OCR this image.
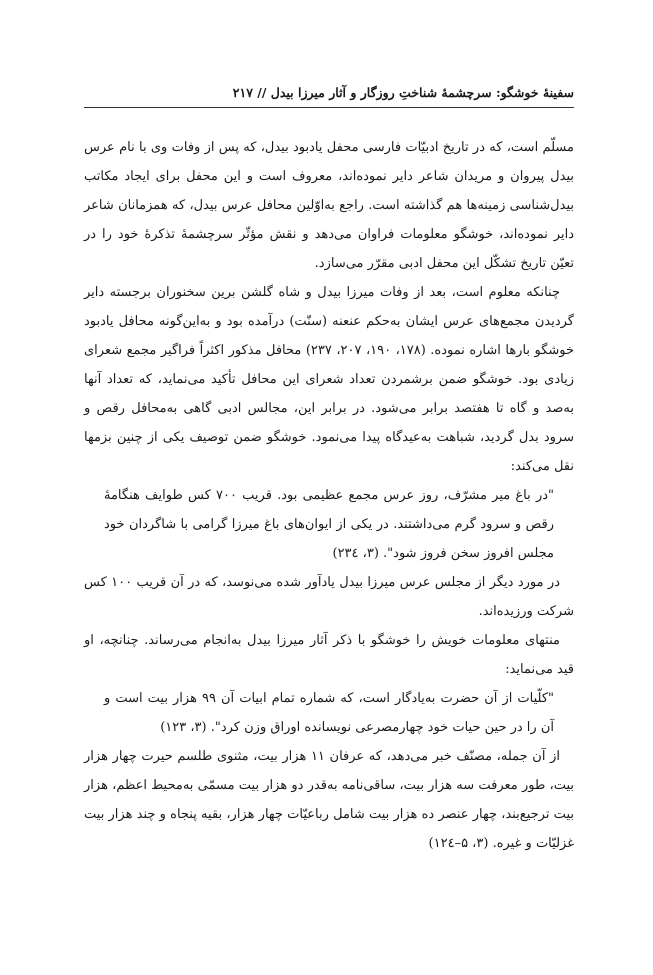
سفینهٔ خوشگو: سرچشمهٔ شناختِ روزگار و آثار میرزا بیدل // ۲۱۷

مسلّم است، که در تاریخ ادبیّات فارسی محفل یادبود بیدل، که پس از وفات وی با نام عرس بیدل پیروان و مریدان شاعر دایر نموده‌اند، معروف است و این محفل برای ایجاد مکاتب بیدل‌شناسی زمینه‌ها هم گذاشته است. راجع به‌اوّلین محافل عرس بیدل، که همزمانان شاعر دایر نموده‌اند، خوشگو معلومات فراوان می‌دهد و نقش مؤثّر سرچشمهٔ تذکرهٔ خود را در تعیّن تاریخ تشکّل این محفل ادبی مقرّر می‌سازد.

چنانکه معلوم است، بعد از وفات میرزا بیدل و شاه گلشن برین سخنوران برجسته دایر گردیدن مجمع‌های عرس ایشان به‌حکم عنعنه (سنّت) درآمده بود و به‌این‌گونه محافل یادبود خوشگو بارها اشاره نموده. (۱۷۸، ۱۹۰، ۲۰۷، ۲۳۷) محافل مذکور اکثراً فراگیر مجمع شعرای زیادی بود. خوشگو ضمن برشمردن تعداد شعرای این محافل تأکید می‌نماید، که تعداد آنها به‌صد و گاه تا هفتصد برابر می‌شود. در برابر این، مجالس ادبی گاهی به‌محافل رقص و سرود بدل گردید، شباهت به‌عیدگاه پیدا می‌نمود. خوشگو ضمن توصیف یکی از چنین بزمها نقل می‌کند:

"در باغ میر مشرّف، روز عرس مجمع عظیمی بود. قریب ۷۰۰ کس طوایف هنگامهٔ رقص و سرود گرم می‌داشتند. در یکی از ایوان‌های باغ میرزا گرامی با شاگردان خود مجلس افروز سخن فروز شود". (۳، ۲۳٤)

در مورد دیگر از مجلس عرس میرزا بیدل یادآور شده می‌نوسد، که در آن قریب ۱۰۰ کس شرکت ورزیده‌اند.

منتهای معلومات خویش را خوشگو با ذکر آثار میرزا بیدل به‌انجام می‌رساند. چنانچه، او قید می‌نماید:

"کلّیات از آن حضرت به‌یادگار است، که شماره تمام ابیات آن ۹۹ هزار بیت است و آن را در حین حیات خود چهارمصرعی نویسانده اوراق وزن کرد". (۳، ۱۲۳)

از آن جمله، مصنّف خبر می‌دهد، که عرفان ۱۱ هزار بیت، مثنوی طلسم حیرت چهار هزار بیت، طور معرفت سه هزار بیت، ساقی‌نامه به‌قدر دو هزار بیت مسمّی به‌محیط اعظم، هزار بیت ترجیع‌بند، چهار عنصر ده هزار بیت شامل رباعیّات چهار هزار، بقیه پنجاه و چند هزار بیت غزلیّات و غیره. (۳، ۵–۱۲٤)
